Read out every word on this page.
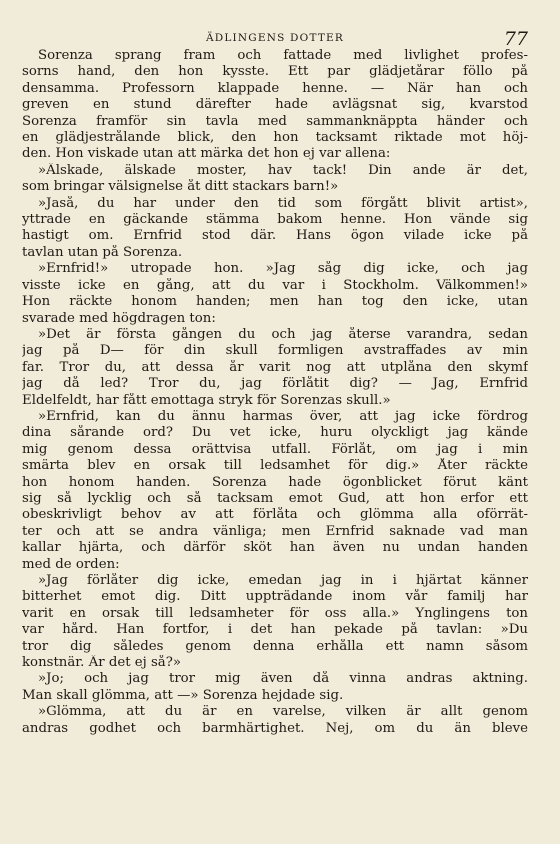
ÄDLINGENS DOTTER	77
Sorenza sprang fram och fattade med livlighet profes-
sorns hand, den hon kysste. Ett par glädjetårar föllo på
densamma. Professorn klappade henne. — När han och
greven en stund därefter hade avlägsnat sig, kvarstod
Sorenza framför sin tavla med sammanknäppta händer och
en glädjestrålande blick, den hon tacksamt riktade mot höj-
den. Hon viskade utan att märka det hon ej var allena:
»Älskade, älskade moster, hav tack! Din ande är det,
som bringar välsignelse åt ditt stackars barn!»
»Jaså, du har under den tid som förgått blivit artist»,
yttrade en gäckande stämma bakom henne. Hon vände sig
hastigt om. Ernfrid stod där. Hans ögon vilade icke på
tavlan utan på Sorenza.
»Ernfrid!» utropade hon. »Jag såg dig icke, och jag
visste icke en gång, att du var i Stockholm. Välkommen!»
Hon räckte honom handen; men han tog den icke, utan
svarade med högdragen ton:
»Det är första gången du och jag återse varandra, sedan
jag på D— för din skull formligen avstraffades av min
far. Tror du, att dessa år varit nog att utplåna den skymf
jag då led? Tror du, jag förlåtit dig? — Jag, Ernfrid
Eldelfeldt, har fått emottaga stryk för Sorenzas skull.»
»Ernfrid, kan du ännu harmas över, att jag icke fördrog
dina sårande ord? Du vet icke, huru olyckligt jag kände
mig genom dessa orättvisa utfall. Förlåt, om jag i min
smärta blev en orsak till ledsamhet för dig.» Åter räckte
hon honom handen. Sorenza hade ögonblicket förut känt
sig så lycklig och så tacksam emot Gud, att hon erfor ett
obeskrivligt behov av att förlåta och glömma alla oförrät-
ter och att se andra vänliga; men Ernfrid saknade vad man
kallar hjärta, och därför sköt han även nu undan handen
med de orden:
»Jag förlåter dig icke, emedan jag in i hjärtat känner
bitterhet emot dig. Ditt uppträdande inom vår familj har
varit en orsak till ledsamheter för oss alla.» Ynglingens ton
var hård. Han fortfor, i det han pekade på tavlan: »Du
tror dig således genom denna erhålla ett namn såsom
konstnär. Är det ej så?»
»Jo; och jag tror mig även då vinna andras aktning.
Man skall glömma, att —» Sorenza hejdade sig.
»Glömma, att du är en varelse, vilken är allt genom
andras godhet och barmhärtighet. Nej, om du än bleve
